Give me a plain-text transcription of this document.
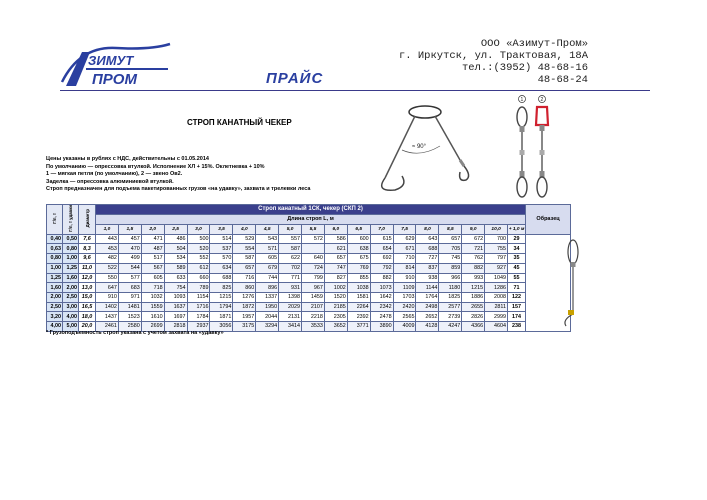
ЗИМУТ
ПРОМ	ПРАЙС
ООО «Азимут-Пром»
г. Иркутск, ул. Трактовая, 18А
тел.:(3952) 48-68-16
48-68-24
СТРОП КАНАТНЫЙ ЧЕКЕР
≈ 90°
1	2
Цены указаны в рублях с НДС, действительны с 01.05.2014
По умолчанию — опрессовка втулкой. Исполнение ХЛ + 15%. Оклетневка + 10%
1 — мягкая петля (по умолчанию), 2 — звено Ов2.
Заделка — опрессовка алюминиевой втулкой.
Строп предназначен для подъема пакетированных грузов «на удавку», захвата и трелевки леса
Г/п, т	Г/п, т удавки	Диаметр	Строп канатный 1СК, чекер (СКП 2)																			Образец
			Длина строп L, м																			
			1,0	1,5	2,0	2,5	3,0	3,5	4,0	4,5	5,0	5,5	6,0	6,5	7,0	7,5	8,0	8,5	9,0	10,0	+ 1,0 м	
0,40	0,50	7,6	443	457	471	486	500	514	529	543	557	572	586	600	615	629	643	657	672	700	29	
0,63	0,80	8,3	453	470	487	504	520	537	554	571	587		621	638	654	671	688	705	721	755	34	
0,80	1,00	9,6	482	499	517	534	552	570	587	605	622	640	657	675	692	710	727	745	762	797	35	
1,00	1,25	11,0	522	544	567	589	612	634	657	679	702	724	747	769	792	814	837	859	882	927	45	
1,25	1,60	12,0	550	577	605	633	660	688	716	744	771	799	827	855	882	910	938	966	993	1049	55	
1,60	2,00	13,0	647	683	718	754	789	825	860	896	931	967	1002	1038	1073	1109	1144	1180	1215	1286	71	
2,00	2,50	15,0	910	971	1032	1093	1154	1215	1276	1337	1398	1459	1520	1581	1642	1703	1764	1825	1886	2008	122	
2,50	3,00	16,5	1402	1481	1559	1637	1716	1794	1872	1950	2029	2107	2185	2264	2342	2420	2498	2577	2655	2811	157	
3,20	4,00	18,0	1437	1523	1610	1697	1784	1871	1957	2044	2131	2218	2305	2392	2478	2565	2652	2739	2826	2999	174	
4,00	5,00	20,0	2461	2580	2699	2818	2937	3056	3175	3294	3414	3533	3652	3771	3890	4009	4128	4247	4366	4604	238	
* Грузоподъемность строп указана с учетом захвата на «удавку»
